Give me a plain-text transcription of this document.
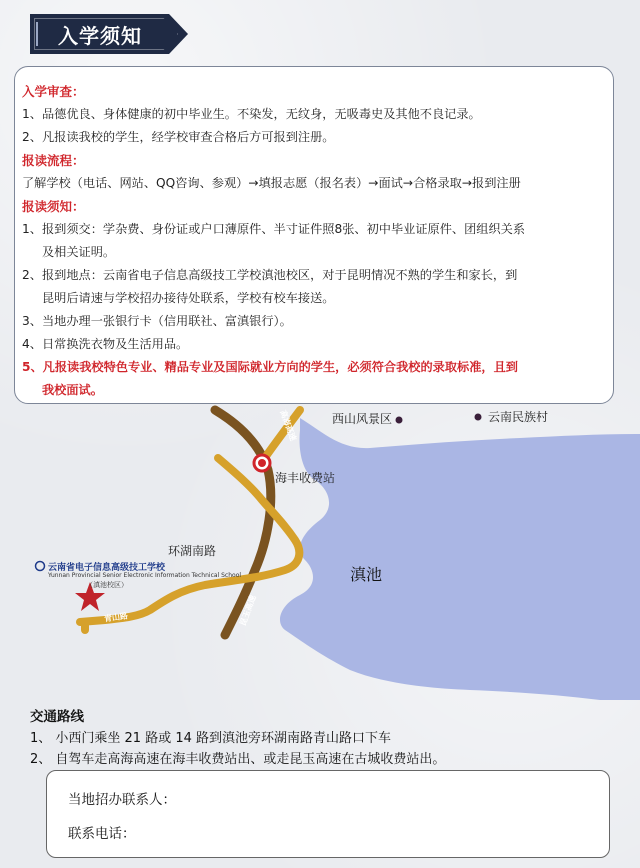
入学须知
入学审查：
1、品德优良、身体健康的初中毕业生。不染发，无纹身，无吸毒史及其他不良记录。
2、凡报读我校的学生，经学校审查合格后方可报到注册。
报读流程：
了解学校（电话、网站、QQ咨询、参观）→填报志愿（报名表）→面试→合格录取→报到注册
报读须知：
1、报到须交：学杂费、身份证或户口薄原件、半寸证件照8张、初中毕业证原件、团组织关系
及相关证明。
2、报到地点：云南省电子信息高级技工学校滇池校区，对于昆明情况不熟的学生和家长，到
昆明后请速与学校招办接待处联系，学校有校车接送。
3、当地办理一张银行卡（信用联社、富滇银行）。
4、日常换洗衣物及生活用品。
5、凡报读我校特色专业、精品专业及国际就业方向的学生，必须符合我校的录取标准，且到
我校面试。
西山风景区	云南民族村
海丰收费站
环湖南路
滇池
云南省电子信息高级技工学校
Yunnan Provincial Senior Electronic Information Technical School
（滇池校区）
青山路
高海高速
昆玉高速
交通路线
1、 小西门乘坐 21 路或 14 路到滇池旁环湖南路青山路口下车
2、 自驾车走高海高速在海丰收费站出、或走昆玉高速在古城收费站出。
当地招办联系人：
联系电话：
